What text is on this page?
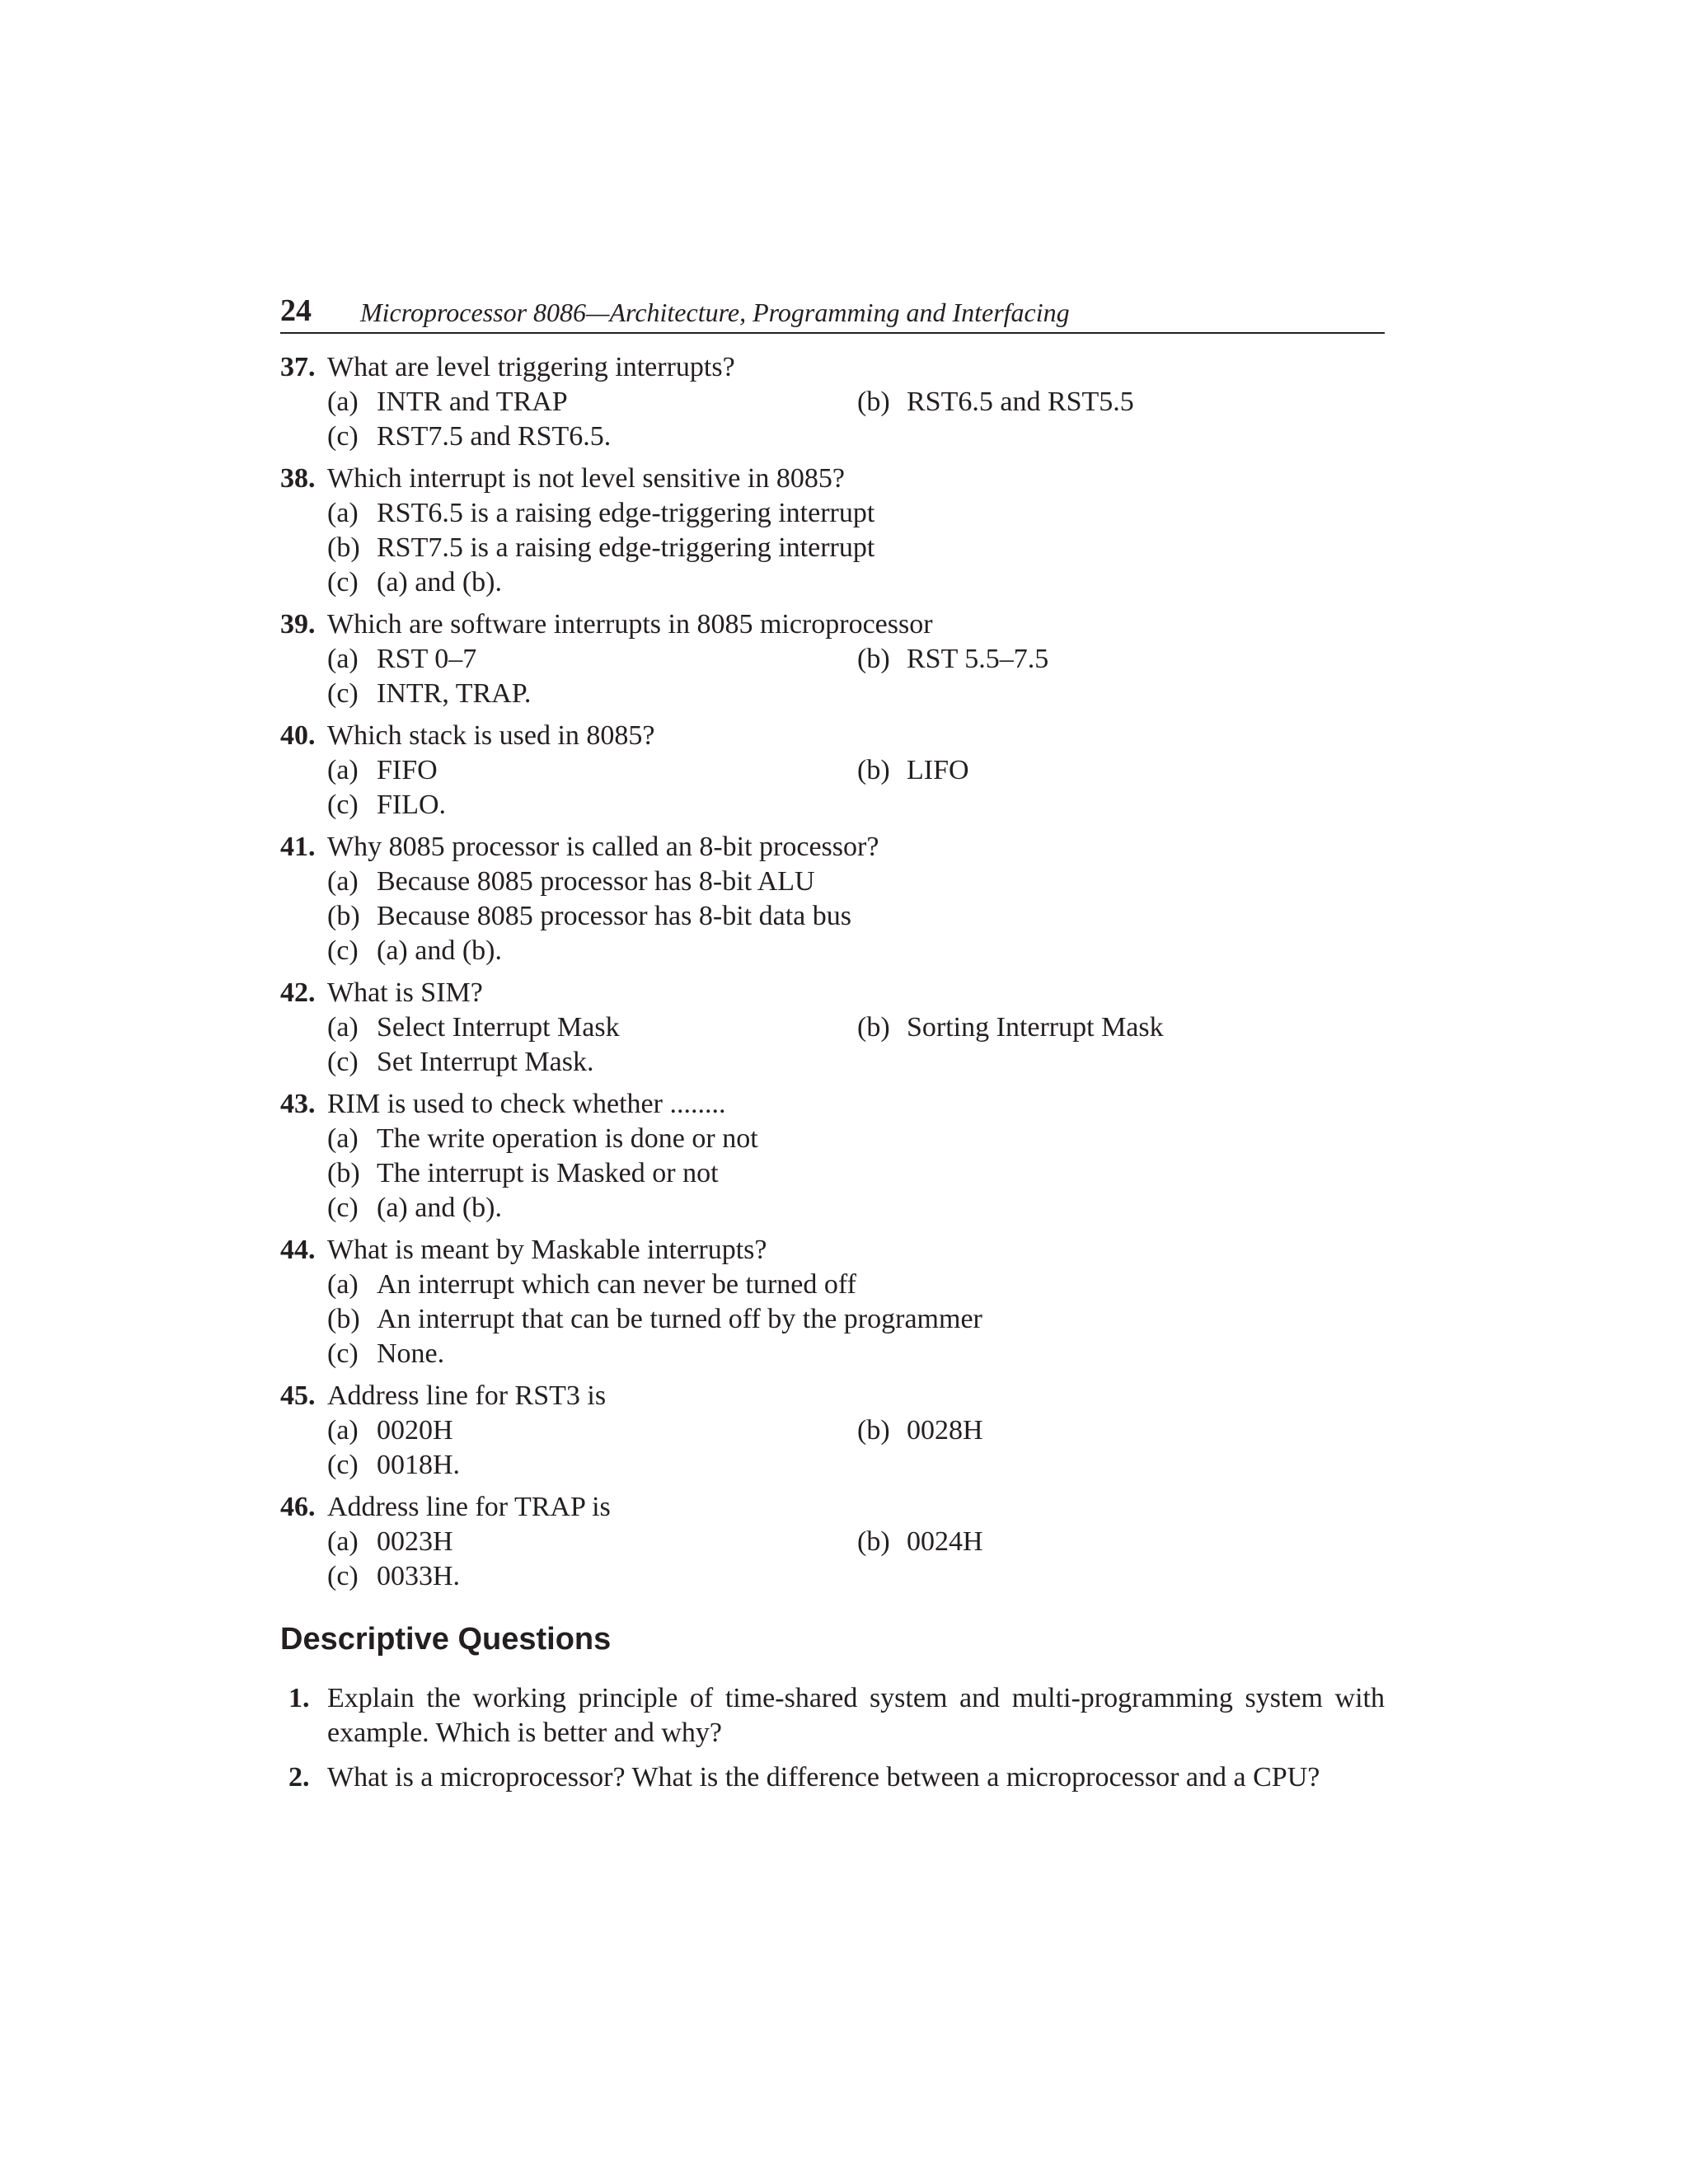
24 Microprocessor 8086—Architecture, Programming and Interfacing
37. What are level triggering interrupts?
(a) INTR and TRAP	(b) RST6.5 and RST5.5
(c) RST7.5 and RST6.5.
38. Which interrupt is not level sensitive in 8085?
(a) RST6.5 is a raising edge-triggering interrupt
(b) RST7.5 is a raising edge-triggering interrupt
(c) (a) and (b).
39. Which are software interrupts in 8085 microprocessor
(a) RST 0–7	(b) RST 5.5–7.5
(c) INTR, TRAP.
40. Which stack is used in 8085?
(a) FIFO	(b) LIFO
(c) FILO.
41. Why 8085 processor is called an 8-bit processor?
(a) Because 8085 processor has 8-bit ALU
(b) Because 8085 processor has 8-bit data bus
(c) (a) and (b).
42. What is SIM?
(a) Select Interrupt Mask	(b) Sorting Interrupt Mask
(c) Set Interrupt Mask.
43. RIM is used to check whether ........
(a) The write operation is done or not
(b) The interrupt is Masked or not
(c) (a) and (b).
44. What is meant by Maskable interrupts?
(a) An interrupt which can never be turned off
(b) An interrupt that can be turned off by the programmer
(c) None.
45. Address line for RST3 is
(a) 0020H	(b) 0028H
(c) 0018H.
46. Address line for TRAP is
(a) 0023H	(b) 0024H
(c) 0033H.
Descriptive Questions
1. Explain the working principle of time-shared system and multi-programming system with example. Which is better and why?
2. What is a microprocessor? What is the difference between a microprocessor and a CPU?
